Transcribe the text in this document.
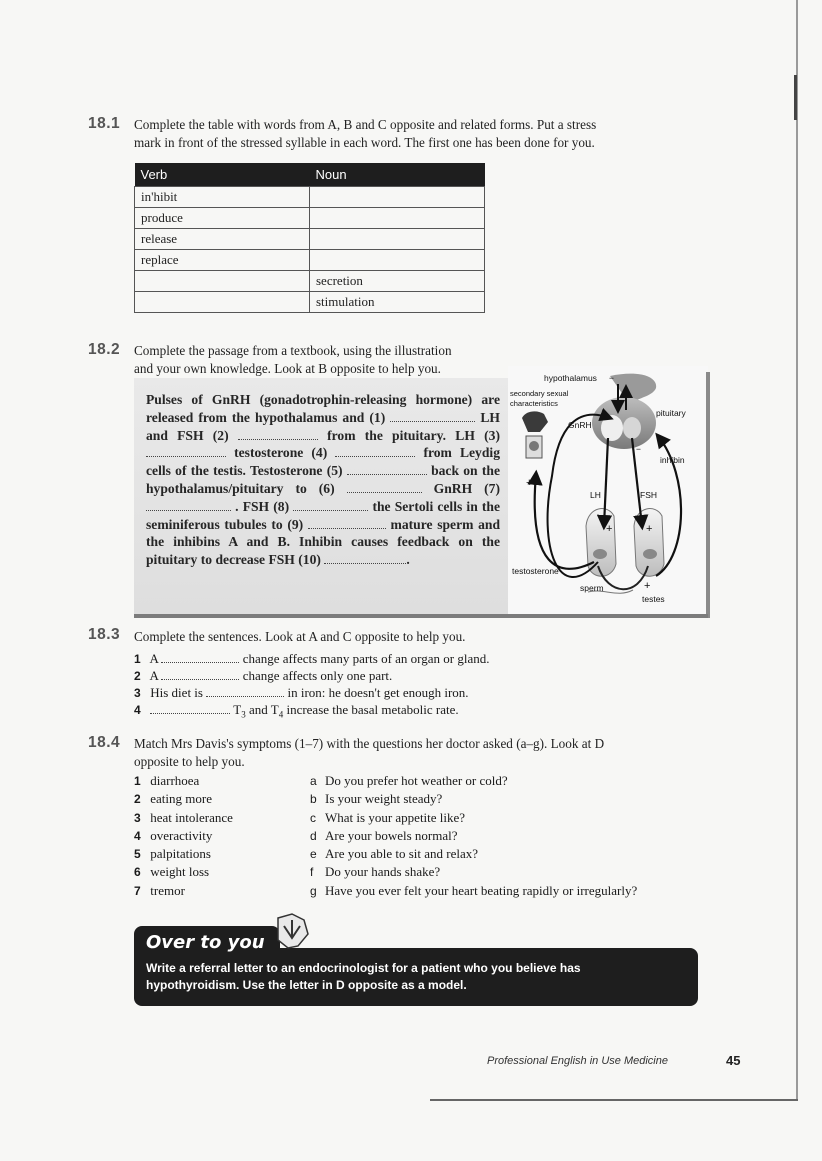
18.1 Complete the table with words from A, B and C opposite and related forms. Put a stress
mark in front of the stressed syllable in each word. The first one has been done for you.
Verb	Noun
in'hibit	
produce	
release	
replace	
	secretion
	stimulation
18.2 Complete the passage from a textbook, using the illustration
and your own knowledge. Look at B opposite to help you.
Pulses of GnRH (gonadotrophin-releasing hormone) are released from the hypothalamus and (1)	LH and FSH (2)	from the pituitary. LH (3)  testosterone (4)	from Leydig cells of the testis. Testosterone (5)	back on the hypothalamus/pituitary to (6)	GnRH (7)  . FSH (8)	the Sertoli cells in the seminiferous tubules to (9)	mature sperm and the inhibins A and B. Inhibin causes feedback on the pituitary to decrease FSH (10)	.
hypothalamus −
secondary sexual
characteristics
GnRH
pituitary
−
inhibin
LH	FSH
+
+	+
testosterone
sperm	+
testes
18.3 Complete the sentences. Look at A and C opposite to help you.
1 A	change affects many parts of an organ or gland.
2 A	change affects only one part.
3 His diet is	in iron: he doesn't get enough iron.
4	$T_3$ and $T_4$ increase the basal metabolic rate.
18.4 Match Mrs Davis's symptoms (1–7) with the questions her doctor asked (a–g). Look at D
opposite to help you.
1 diarrhoea
2 eating more
3 heat intolerance
4 overactivity
5 palpitations
6 weight loss
7 tremor
a Do you prefer hot weather or cold?
b Is your weight steady?
c What is your appetite like?
d Are your bowels normal?
e Are you able to sit and relax?
f Do your hands shake?
g Have you ever felt your heart beating rapidly or irregularly?
Over to you
Write a referral letter to an endocrinologist for a patient who you believe has
hypothyroidism. Use the letter in D opposite as a model.
Professional English in Use Medicine	45
